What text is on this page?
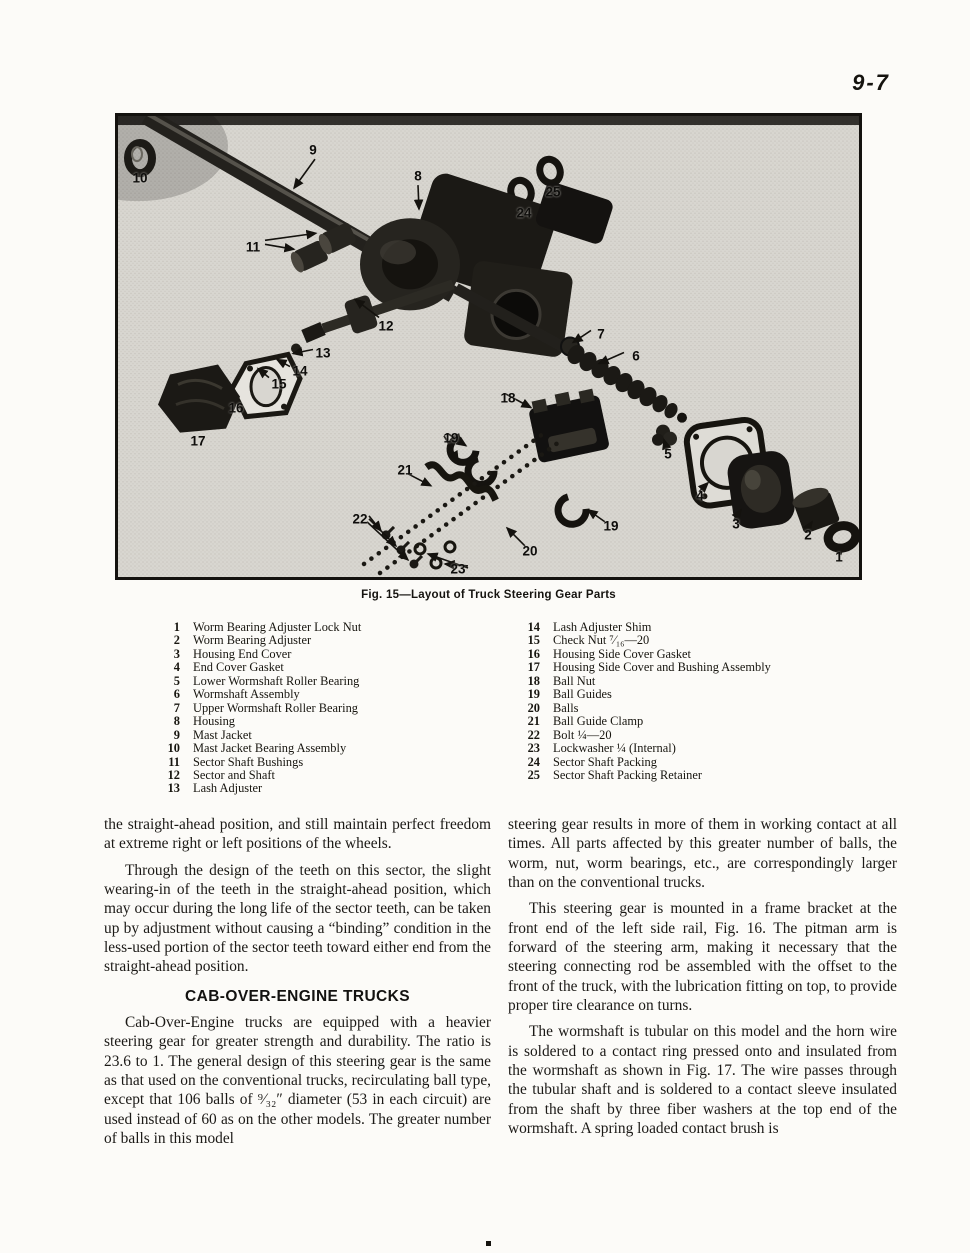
9-7
10
9
8
25
24
11
12
13
14
15
16
17
7
6
18
19
19
21
5
4
22	3
2
20	1
23
Fig. 15—Layout of Truck Steering Gear Parts
1	Worm Bearing Adjuster Lock Nut
2	Worm Bearing Adjuster
3	Housing End Cover
4	End Cover Gasket
5	Lower Wormshaft Roller Bearing
6	Wormshaft Assembly
7	Upper Wormshaft Roller Bearing
8	Housing
9	Mast Jacket
10	Mast Jacket Bearing Assembly
11	Sector Shaft Bushings
12	Sector and Shaft
13	Lash Adjuster
14	Lash Adjuster Shim
15	Check Nut ⁷⁄₁₆—20
16	Housing Side Cover Gasket
17	Housing Side Cover and Bushing Assembly
18	Ball Nut
19	Ball Guides
20	Balls
21	Ball Guide Clamp
22	Bolt ¼—20
23	Lockwasher ¼ (Internal)
24	Sector Shaft Packing
25	Sector Shaft Packing Retainer

the straight-ahead position, and still maintain perfect freedom at extreme right or left positions of the wheels.

Through the design of the teeth on this sector, the slight wearing-in of the teeth in the straight-ahead position, which may occur during the long life of the sector teeth, can be taken up by adjustment without causing a “binding” condition in the less-used portion of the sector teeth toward either end from the straight-ahead position.

CAB-OVER-ENGINE TRUCKS

Cab-Over-Engine trucks are equipped with a heavier steering gear for greater strength and durability. The ratio is 23.6 to 1. The general design of this steering gear is the same as that used on the conventional trucks, recirculating ball type, except that 106 balls of ⁹⁄₃₂″ diameter (53 in each circuit) are used instead of 60 as on the other models. The greater number of balls in this model

steering gear results in more of them in working contact at all times. All parts affected by this greater number of balls, the worm, nut, worm bearings, etc., are correspondingly larger than on the conventional trucks.

This steering gear is mounted in a frame bracket at the front end of the left side rail, Fig. 16. The pitman arm is forward of the steering arm, making it necessary that the steering connecting rod be assembled with the offset to the front of the truck, with the lubrication fitting on top, to provide proper tire clearance on turns.

The wormshaft is tubular on this model and the horn wire is soldered to a contact ring pressed onto and insulated from the wormshaft as shown in Fig. 17. The wire passes through the tubular shaft and is soldered to a contact sleeve insulated from the shaft by three fiber washers at the top end of the wormshaft. A spring loaded contact brush is
